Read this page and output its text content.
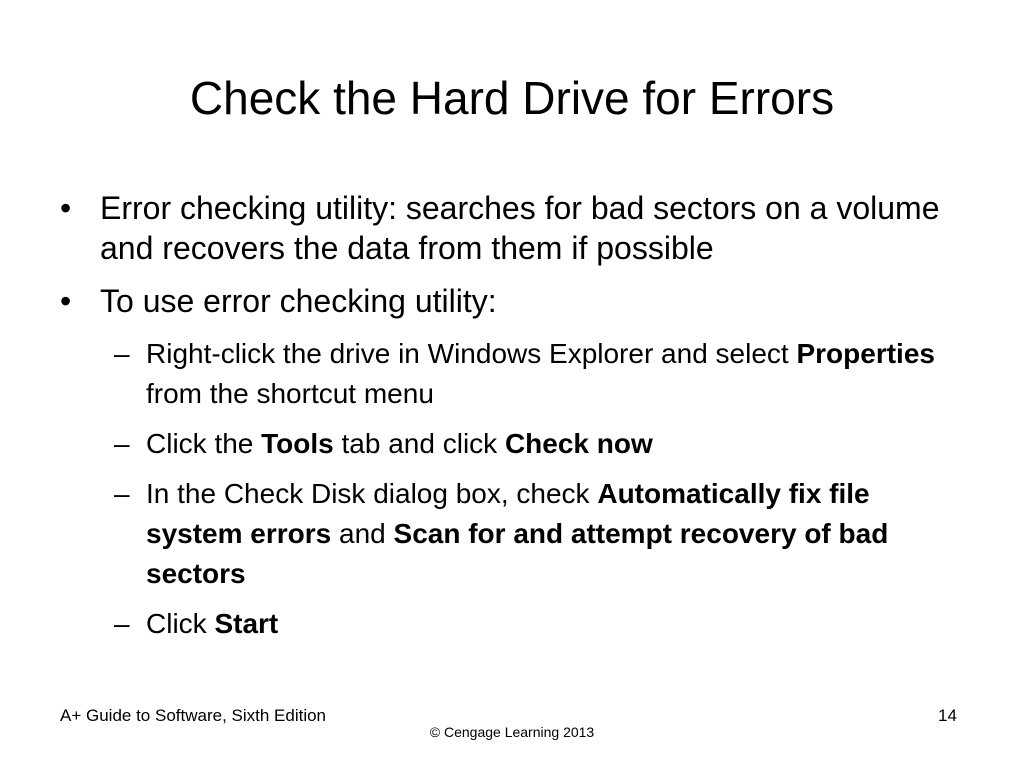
Check the Hard Drive for Errors
• Error checking utility: searches for bad sectors on a volume and recovers the data from them if possible
• To use error checking utility:
– Right-click the drive in Windows Explorer and select Properties from the shortcut menu
– Click the Tools tab and click Check now
– In the Check Disk dialog box, check Automatically fix file system errors and Scan for and attempt recovery of bad sectors
– Click Start
A+ Guide to Software, Sixth Edition
© Cengage Learning 2013
14
